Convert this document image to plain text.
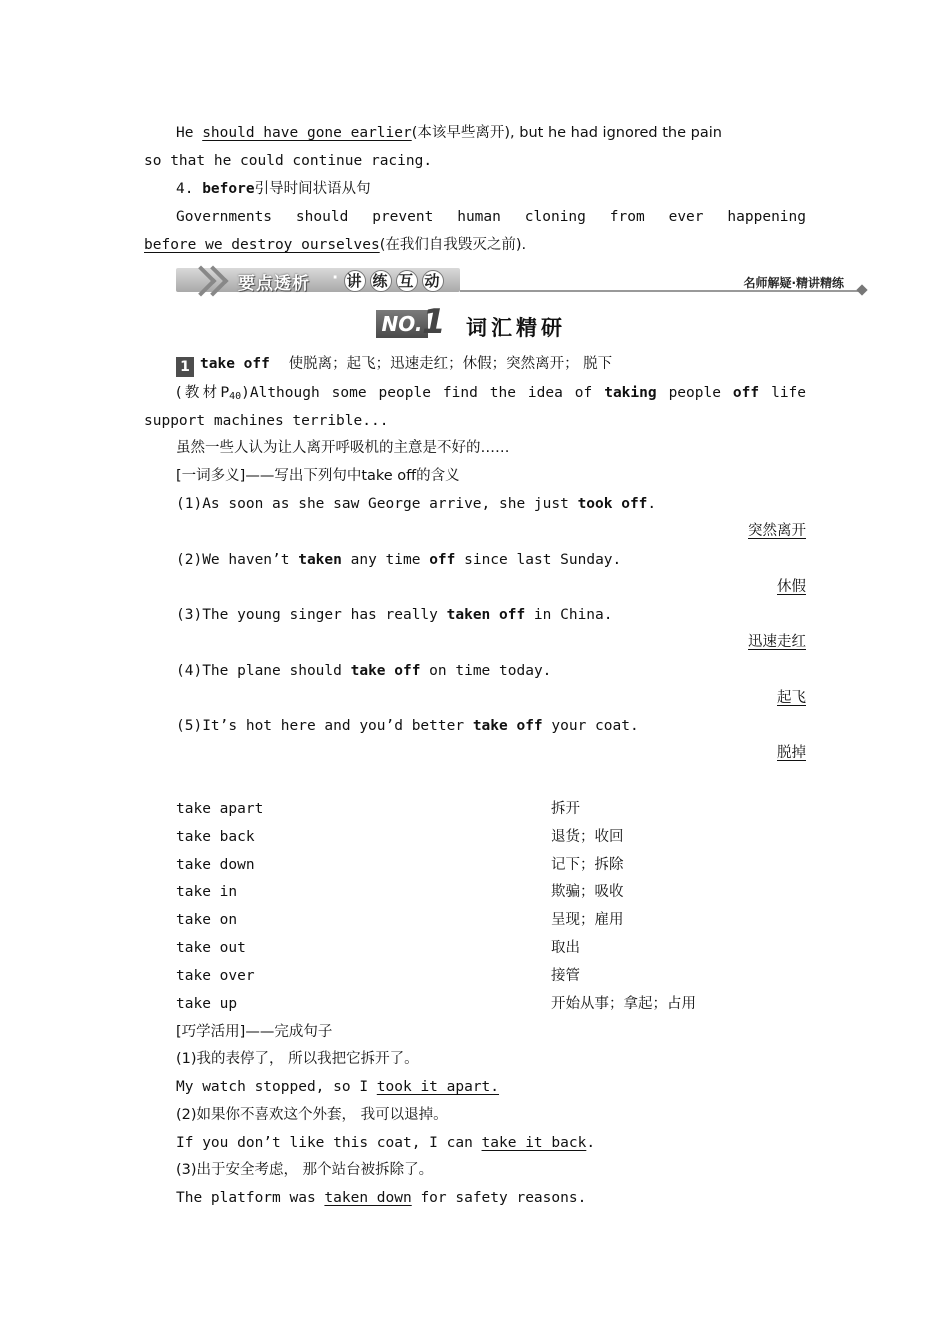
He should have gone earlier(本该早些离开), but he had ignored the pain
so that he could continue racing.
4. before引导时间状语从句
Governments should prevent human cloning from ever happening
before we destroy ourselves(在我们自我毁灭之前).
要点透析 · 讲 练 互 动	名师解疑·精讲精练
NO. 1 词汇精研
1 take off 使脱离；起飞；迅速走红；休假；突然离开； 脱下
(教材$P_{40})Although$ some people find the idea of taking people off life
support machines terrible...
虽然一些人认为让人离开呼吸机的主意是不好的……
[一词多义]——写出下列句中take off的含义
(1)As soon as she saw George arrive, she just took off.
突然离开
(2)We haven’t taken any time off since last Sunday.
休假
(3)The young singer has really taken off in China.
迅速走红
(4)The plane should take off on time today.
起飞
(5)It’s hot here and you’d better take off your coat.
脱掉
take apart	拆开
take back	退货；收回
take down	记下；拆除
take in	欺骗；吸收
take on	呈现；雇用
take out	取出
take over	接管
take up	开始从事；拿起；占用
[巧学活用]——完成句子
(1)我的表停了， 所以我把它拆开了。
My watch stopped, so I took it apart.
(2)如果你不喜欢这个外套， 我可以退掉。
If you don’t like this coat, I can take it back.
(3)出于安全考虑， 那个站台被拆除了。
The platform was taken down for safety reasons.
